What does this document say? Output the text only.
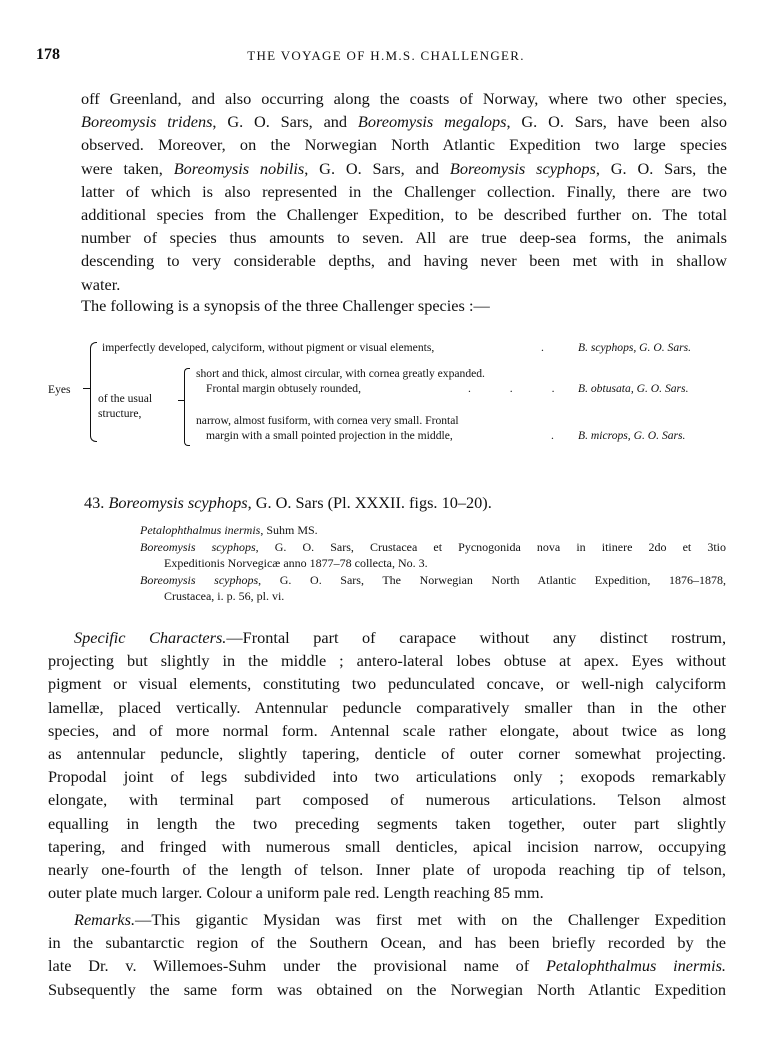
178	THE VOYAGE OF H.M.S. CHALLENGER.
off Greenland, and also occurring along the coasts of Norway, where two other species,
Boreomysis tridens, G. O. Sars, and Boreomysis megalops, G. O. Sars, have been also
observed. Moreover, on the Norwegian North Atlantic Expedition two large species
were taken, Boreomysis nobilis, G. O. Sars, and Boreomysis scyphops, G. O. Sars, the
latter of which is also represented in the Challenger collection. Finally, there are two
additional species from the Challenger Expedition, to be described further on. The total
number of species thus amounts to seven. All are true deep-sea forms, the animals
descending to very considerable depths, and having never been met with in shallow
water.
The following is a synopsis of the three Challenger species :—
Eyes
imperfectly developed, calyciform, without pigment or visual elements,	.	B. scyphops, G. O. Sars.
of the usual
structure,
short and thick, almost circular, with cornea greatly expanded.
Frontal margin obtusely rounded,	. . . B. obtusata, G. O. Sars.
narrow, almost fusiform, with cornea very small. Frontal
margin with a small pointed projection in the middle,	. B. microps, G. O. Sars.
43. Boreomysis scyphops, G. O. Sars (Pl. XXXII. figs. 10–20).
Petalophthalmus inermis, Suhm MS.
Boreomysis scyphops, G. O. Sars, Crustacea et Pycnogonida nova in itinere 2do et 3tio
Expeditionis Norvegicæ anno 1877–78 collecta, No. 3.
Boreomysis scyphops, G. O. Sars, The Norwegian North Atlantic Expedition, 1876–1878,
Crustacea, i. p. 56, pl. vi.
Specific Characters.—Frontal part of carapace without any distinct rostrum,
projecting but slightly in the middle ; antero-lateral lobes obtuse at apex. Eyes without
pigment or visual elements, constituting two pedunculated concave, or well-nigh calyciform
lamellæ, placed vertically. Antennular peduncle comparatively smaller than in the other
species, and of more normal form. Antennal scale rather elongate, about twice as long
as antennular peduncle, slightly tapering, denticle of outer corner somewhat projecting.
Propodal joint of legs subdivided into two articulations only ; exopods remarkably
elongate, with terminal part composed of numerous articulations. Telson almost
equalling in length the two preceding segments taken together, outer part slightly
tapering, and fringed with numerous small denticles, apical incision narrow, occupying
nearly one-fourth of the length of telson. Inner plate of uropoda reaching tip of telson,
outer plate much larger. Colour a uniform pale red. Length reaching 85 mm.
Remarks.—This gigantic Mysidan was first met with on the Challenger Expedition
in the subantarctic region of the Southern Ocean, and has been briefly recorded by the
late Dr. v. Willemoes-Suhm under the provisional name of Petalophthalmus inermis.
Subsequently the same form was obtained on the Norwegian North Atlantic Expedition
